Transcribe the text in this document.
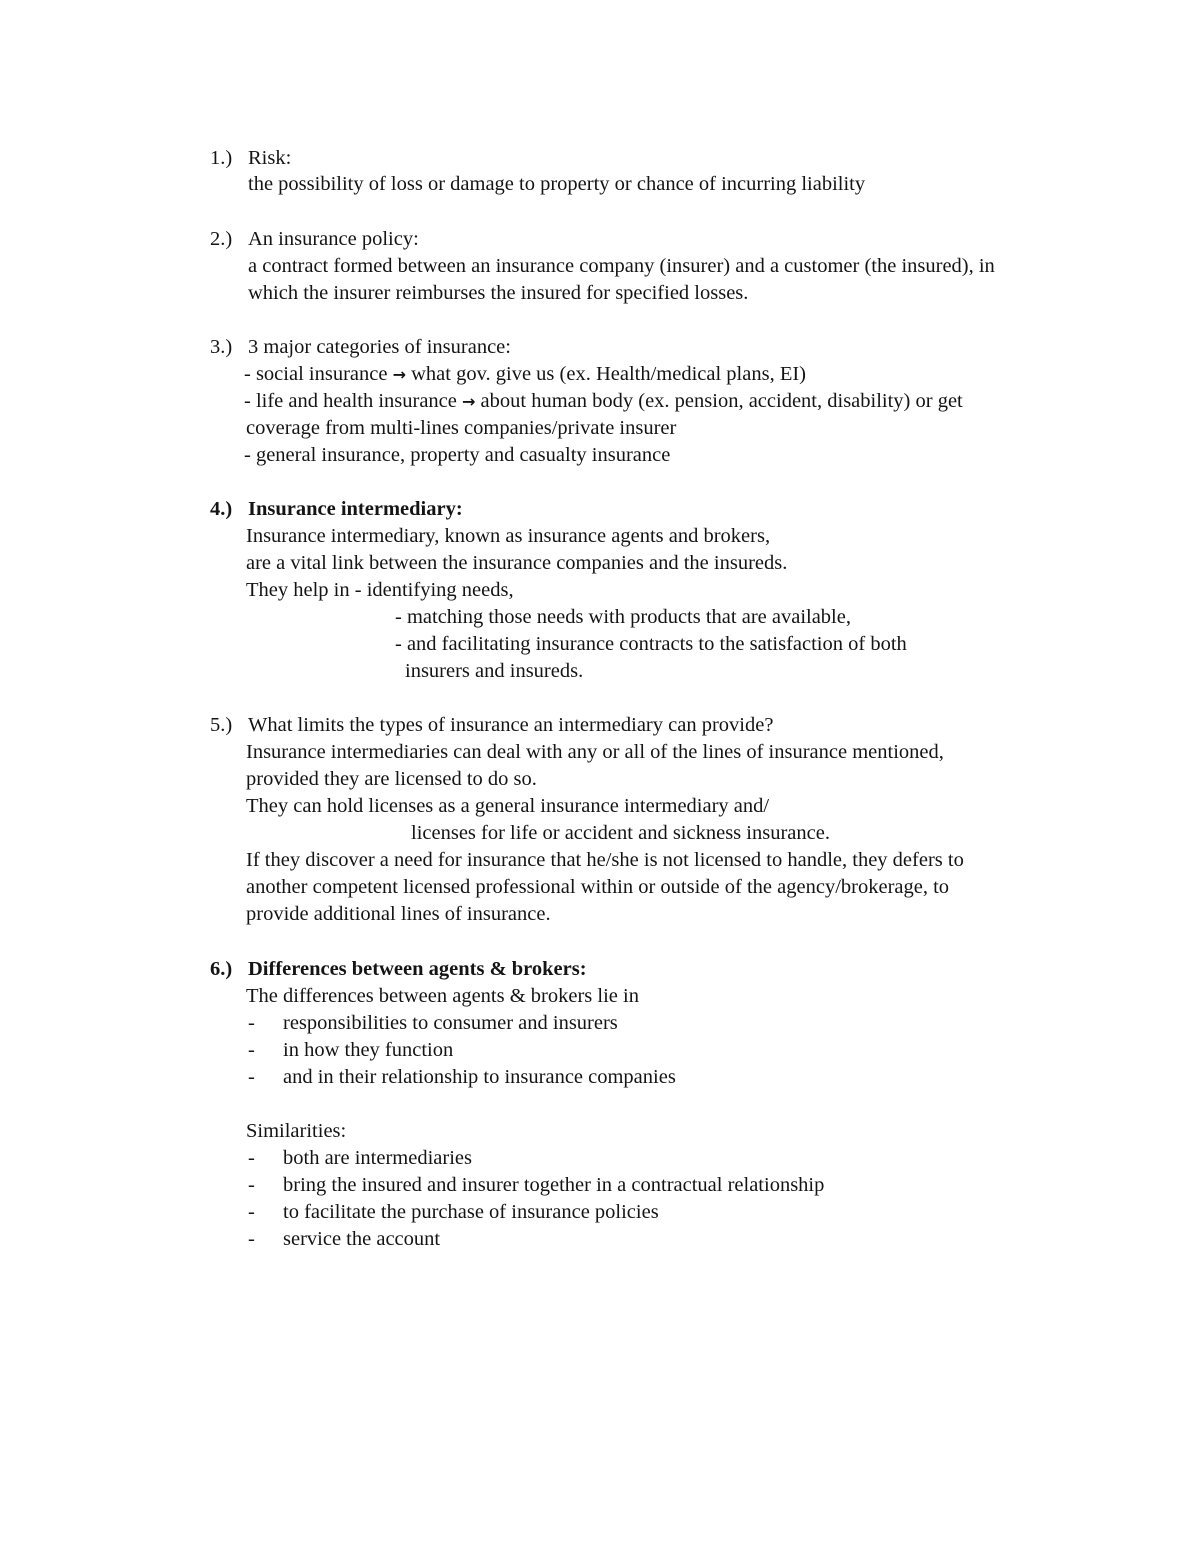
1.) Risk:
the possibility of loss or damage to property or chance of incurring liability
2.) An insurance policy:
a contract formed between an insurance company (insurer) and a customer (the insured), in
which the insurer reimburses the insured for specified losses.
3.) 3 major categories of insurance:
- social insurance → what gov. give us (ex. Health/medical plans, EI)
- life and health insurance → about human body (ex. pension, accident, disability) or get
coverage from multi-lines companies/private insurer
- general insurance, property and casualty insurance
4.) Insurance intermediary:
Insurance intermediary, known as insurance agents and brokers,
are a vital link between the insurance companies and the insureds.
They help in - identifying needs,
- matching those needs with products that are available,
- and facilitating insurance contracts to the satisfaction of both
insurers and insureds.
5.) What limits the types of insurance an intermediary can provide?
Insurance intermediaries can deal with any or all of the lines of insurance mentioned,
provided they are licensed to do so.
They can hold licenses as a general insurance intermediary and/
licenses for life or accident and sickness insurance.
If they discover a need for insurance that he/she is not licensed to handle, they defers to
another competent licensed professional within or outside of the agency/brokerage, to
provide additional lines of insurance.
6.) Differences between agents & brokers:
The differences between agents & brokers lie in
- responsibilities to consumer and insurers
- in how they function
- and in their relationship to insurance companies
Similarities:
- both are intermediaries
- bring the insured and insurer together in a contractual relationship
- to facilitate the purchase of insurance policies
- service the account
